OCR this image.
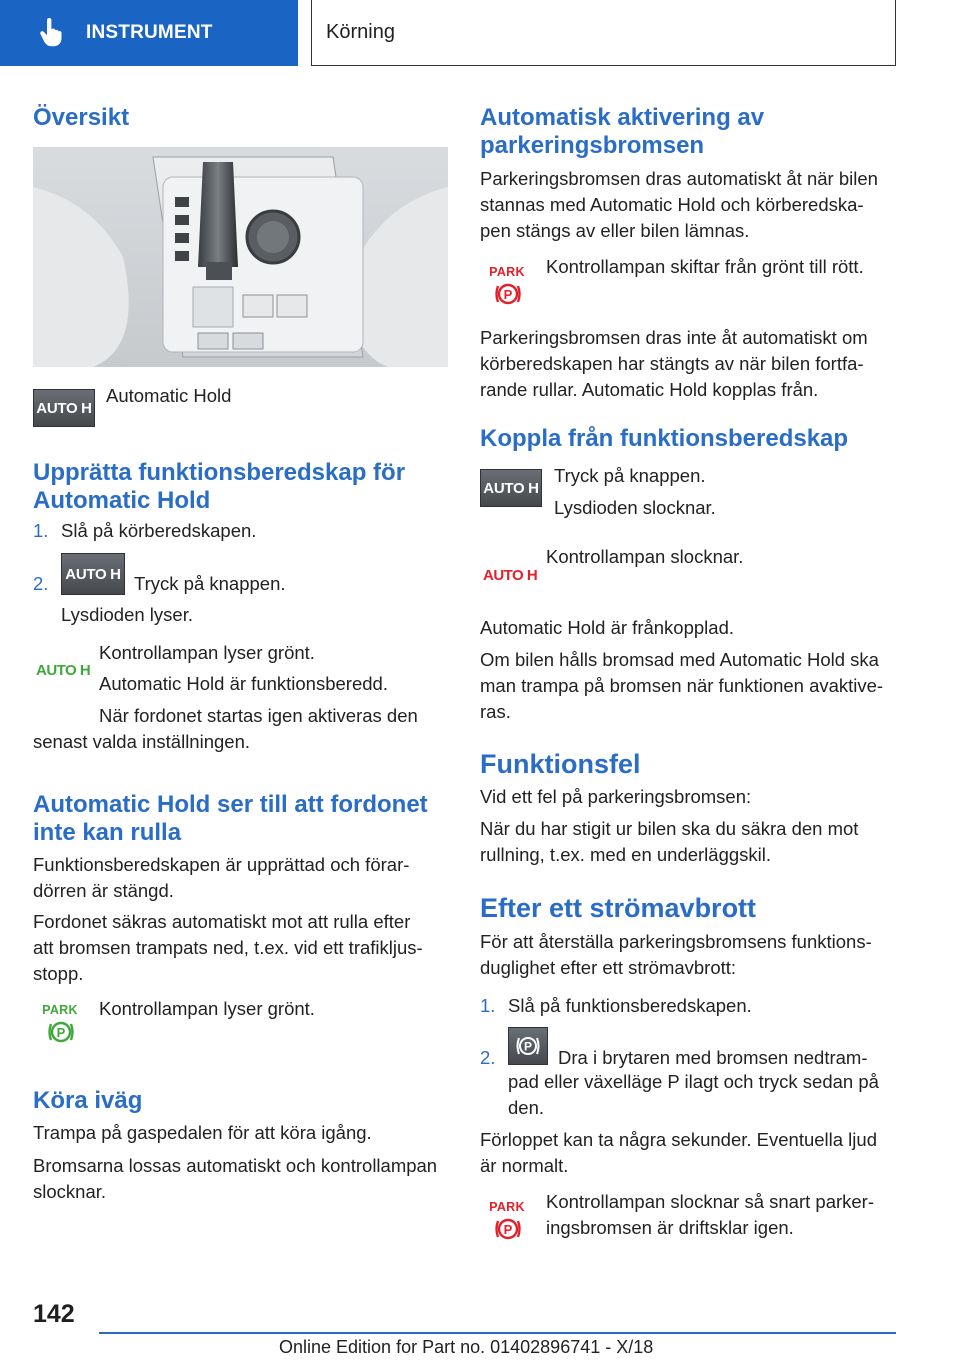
INSTRUMENT	Körning
Översikt
AUTO H
Automatic Hold
Upprätta funktionsberedskap för
Automatic Hold
1. Slå på körberedskapen.
2. AUTO H Tryck på knappen.
Lysdioden lyser.
AUTO H
Kontrollampan lyser grönt.
Automatic Hold är funktionsberedd.
När fordonet startas igen aktiveras den
senast valda inställningen.
Automatic Hold ser till att fordonet
inte kan rulla
Funktionsberedskapen är upprättad och förar-
dörren är stängd.
Fordonet säkras automatiskt mot att rulla efter
att bromsen trampats ned, t.ex. vid ett trafikljus-
stopp.
PARK
P
Kontrollampan lyser grönt.
Köra iväg
Trampa på gaspedalen för att köra igång.
Bromsarna lossas automatiskt och kontrollampan
slocknar.
Automatisk aktivering av
parkeringsbromsen
Parkeringsbromsen dras automatiskt åt när bilen
stannas med Automatic Hold och körberedska-
pen stängs av eller bilen lämnas.
PARK
P
Kontrollampan skiftar från grönt till rött.
Parkeringsbromsen dras inte åt automatiskt om
körberedskapen har stängts av när bilen fortfa-
rande rullar. Automatic Hold kopplas från.
Koppla från funktionsberedskap
AUTO H
Tryck på knappen.
Lysdioden slocknar.
AUTO H
Kontrollampan slocknar.
Automatic Hold är frånkopplad.
Om bilen hålls bromsad med Automatic Hold ska
man trampa på bromsen när funktionen avaktive-
ras.
Funktionsfel
Vid ett fel på parkeringsbromsen:
När du har stigit ur bilen ska du säkra den mot
rullning, t.ex. med en underläggskil.
Efter ett strömavbrott
För att återställa parkeringsbromsens funktions-
duglighet efter ett strömavbrott:
1. Slå på funktionsberedskapen.
2.
P
Dra i brytaren med bromsen nedtram-
pad eller växelläge P ilagt och tryck sedan på
den.
Förloppet kan ta några sekunder. Eventuella ljud
är normalt.
PARK
P
Kontrollampan slocknar så snart parker-
ingsbromsen är driftsklar igen.
142
Online Edition for Part no. 01402896741 - X/18
